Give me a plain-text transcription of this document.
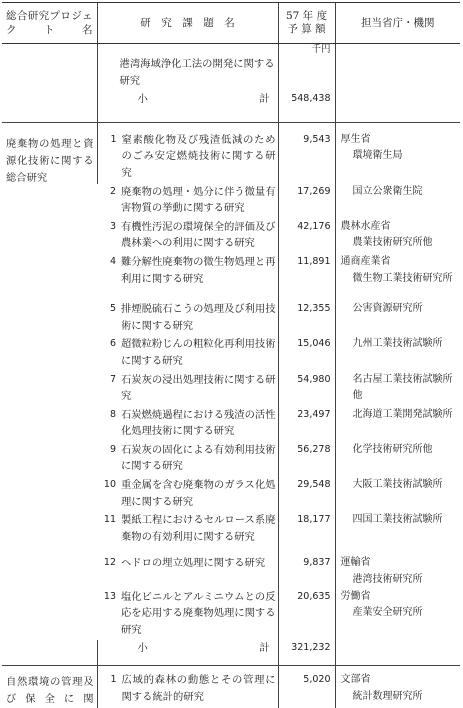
総合研究プロジェクト名	研　究　課　題　名	57 年 度 予 算 額	担当省庁・機関

	港湾海域浄化工法の開発に関する研究	千円	

	小 計	548,438	

廃棄物の処理と資源化技術に関する総合研究	1 窒素酸化物及び残渣低減のためのごみ安定燃焼技術に関する研究	9,543	厚生省
環境衛生局

	2 廃棄物の処理・処分に伴う微量有害物質の挙動に関する研究	17,269	国立公衆衛生院

	3 有機性汚泥の環境保全的評価及び農林業への利用に関する研究	42,176	農林水産省
農業技術研究所他

	4 難分解性廃棄物の微生物処理と再利用に関する研究	11,891	通商産業省
微生物工業技術研究所

	5 排煙脱硫石こうの処理及び利用技術に関する研究	12,355	公害資源研究所

	6 超微粒粉じんの粗粒化再利用技術に関する研究	15,046	九州工業技術試験所

	7 石炭灰の浸出処理技術に関する研究	54,980	名古屋工業技術試験所他

	8 石炭燃焼過程における残渣の活性化処理技術に関する研究	23,497	北海道工業開発試験所

	9 石炭灰の固化による有効利用技術に関する研究	56,278	化学技術研究所他

	10 重金属を含む廃棄物のガラス化処理に関する研究	29,548	大阪工業技術試験所

	11 製紙工程におけるセルロース系廃棄物の有効利用に関する研究	18,177	四国工業技術試験所

	12 ヘドロの埋立処理に関する研究	9,837	運輸省
港湾技術研究所

	13 塩化ビニルとアルミニウムとの反応を応用する廃棄物処理に関する研究	20,635	労働省
産業安全研究所

	小 計	321,232	

自然環境の管理及び保全に関	1 広域的森林の動態とその管理に関する統計的研究	5,020	文部省
統計数理研究所
